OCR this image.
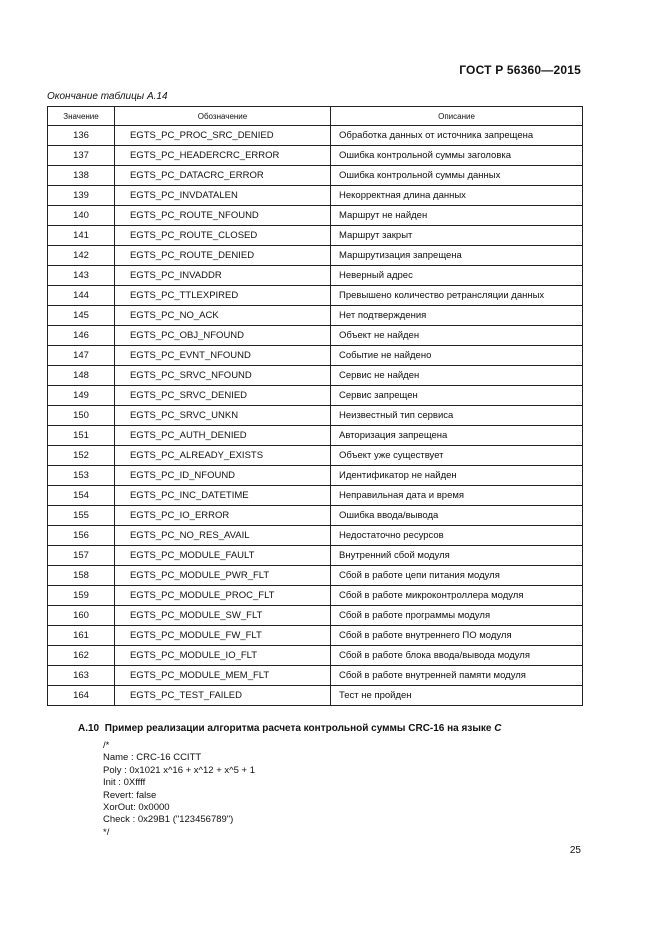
ГОСТ Р 56360—2015
Окончание таблицы А.14
Значение	Обозначение	Описание
136	EGTS_PC_PROC_SRC_DENIED	Обработка данных от источника запрещена
137	EGTS_PC_HEADERCRC_ERROR	Ошибка контрольной суммы заголовка
138	EGTS_PC_DATACRC_ERROR	Ошибка контрольной суммы данных
139	EGTS_PC_INVDATALEN	Некорректная длина данных
140	EGTS_PC_ROUTE_NFOUND	Маршрут не найден
141	EGTS_PC_ROUTE_CLOSED	Маршрут закрыт
142	EGTS_PC_ROUTE_DENIED	Маршрутизация запрещена
143	EGTS_PC_INVADDR	Неверный адрес
144	EGTS_PC_TTLEXPIRED	Превышено количество ретрансляции данных
145	EGTS_PC_NO_ACK	Нет подтверждения
146	EGTS_PC_OBJ_NFOUND	Объект не найден
147	EGTS_PC_EVNT_NFOUND	Событие не найдено
148	EGTS_PC_SRVC_NFOUND	Сервис не найден
149	EGTS_PC_SRVC_DENIED	Сервис запрещен
150	EGTS_PC_SRVC_UNKN	Неизвестный тип сервиса
151	EGTS_PC_AUTH_DENIED	Авторизация запрещена
152	EGTS_PC_ALREADY_EXISTS	Объект уже существует
153	EGTS_PC_ID_NFOUND	Идентификатор не найден
154	EGTS_PC_INC_DATETIME	Неправильная дата и время
155	EGTS_PC_IO_ERROR	Ошибка ввода/вывода
156	EGTS_PC_NO_RES_AVAIL	Недостаточно ресурсов
157	EGTS_PC_MODULE_FAULT	Внутренний сбой модуля
158	EGTS_PC_MODULE_PWR_FLT	Сбой в работе цепи питания модуля
159	EGTS_PC_MODULE_PROC_FLT	Сбой в работе микроконтроллера модуля
160	EGTS_PC_MODULE_SW_FLT	Сбой в работе программы модуля
161	EGTS_PC_MODULE_FW_FLT	Сбой в работе внутреннего ПО модуля
162	EGTS_PC_MODULE_IO_FLT	Сбой в работе блока ввода/вывода модуля
163	EGTS_PC_MODULE_MEM_FLT	Сбой в работе внутренней памяти модуля
164	EGTS_PC_TEST_FAILED	Тест не пройден
А.10 Пример реализации алгоритма расчета контрольной суммы CRC-16 на языке С
/*
Name : CRC-16 CCITT
Poly : 0x1021 x^16 + x^12 + x^5 + 1
Init : 0Xffff
Revert: false
XorOut: 0x0000
Check : 0x29B1 ("123456789")
*/
25
